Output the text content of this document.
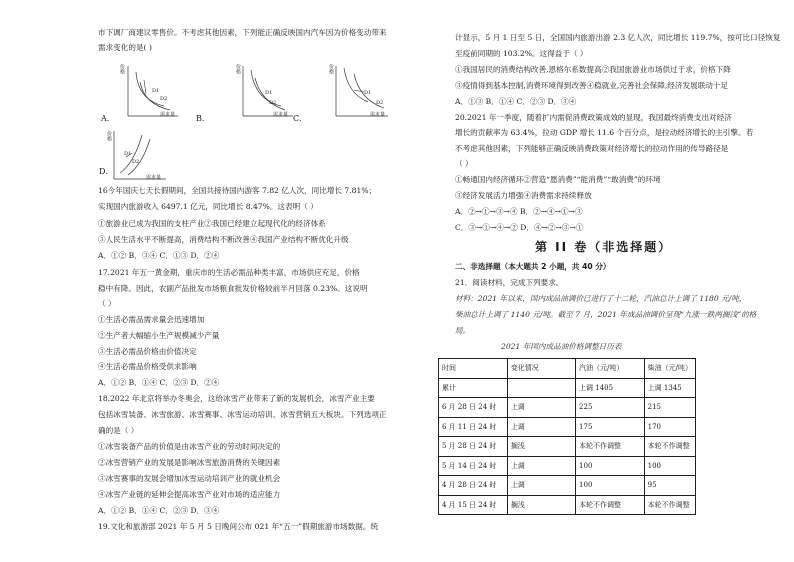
市下调厂商建议零售价。不考虑其他因素，下列能正确反映国内汽车因为价格变动带来
需求变化的是( )
价格
需求量
D1
D2
A．
价格
需求量
D1
D2
B．
价格
需求量
D1
D2
C．
价格
需求量
D1
D2
D．
16今年国庆七天长假期间，全国共接待国内游客 7.82 亿人次，同比增长 7.81%；
实现国内旅游收入 6497.1 亿元，同比增长 8.47%。这表明（ ）
①旅游业已成为我国的支柱产业②我国已经建立起现代化的经济体系
③人民生活水平不断提高，消费结构不断改善④我国产业结构不断优化升级
A．①② B．③④ C．①③ D．②④
17.2021 年五一黄金期，重庆市的生活必需品种类丰富，市场供应充足，价格
稳中有降。因此，农副产品批发市场粮食批发价格较前半月回落 0.23%。这说明
（ ）
①生活必需品需求量会迅速增加
②生产者大幅缩小生产规模减少产量
③生活必需品价格由价值决定
④生活必需品价格受供求影响
A．①② B．①④ C．②③ D．②④
18.2022 年北京将举办冬奥会，这给冰雪产业带来了新的发展机会，冰雪产业主要
包括冰雪装备、冰雪旅游、冰雪赛事、冰雪运动培训、冰雪营销五大板块。下列选项正
确的是（ ）
①冰雪装备产品的价值是由冰雪产业的劳动时间决定的
②冰雪营销产业的发展是影响冰雪旅游消费的关键因素
③冰雪赛事的发展会增加冰雪运动培训产业的就业机会
④冰雪产业链的延伸会提高冰雪产业对市场的适应能力
A．①② B．①④ C．②③ D．③④
19.文化和旅游部 2021 年 5 月 5 日晚间公布 021 年“五一”假期旅游市场数据。统
计显示，5 月 1 日至 5 日，全国国内旅游出游 2.3 亿人次，同比增长 119.7%，按可比口径恢复
至疫前同期的 103.2%。这得益于（ ）
①我国居民的消费结构改善,恩格尔系数提高②我国旅游业市场供过于求，价格下降
③疫情得到基本控制,消费环境得到改善④稳就业,完善社会保障,经济发展联动十足
A．①③ B．①④ C．②③ D．③④
20.2021 年一季度，随着扩内需促消费政策成效的显现，我国最终消费支出对经济
增长的贡献率为 63.4%，拉动 GDP 增长 11.6 个百分点，是拉动经济增长的主引擎。若
不考虑其他因素，下列能够正确反映消费政策对经济增长的拉动作用的传导路径是
（ ）
①畅通国内经济循环②营造“愿消费”“能消费”“敢消费”的环境
③经济发展活力增强④消费需求持续释放
A．②→①→③→④ B．②→④→①→③
C．③→①→④→② D．④→②→③→①
第 II 卷（非选择题）
二、非选择题（本大题共 2 小题，共 40 分）
21．阅读材料，完成下列要求。
材料：2021 年以来，国内成品油调价已进行了十二轮，汽油总计上调了 1180 元/吨，
柴油总计上调了 1140 元/吨。截至 7 月，2021 年成品油调价呈现“九涨一跌两搁浅”的格
局。
2021 年国内成品油价格调整日历表
时间	变化情况	汽油（元/吨）	柴油（元/吨）
累计		上调 1405	上调 1345
6 月 28 日 24 时	上调	225	215
6 月 11 日 24 时	上调	175	170
5 月 28 日 24 时	搁浅	本轮不作调整	本轮不作调整
5 月 14 日 24 时	上调	100	100
4 月 28 日 24 时	上调	100	95
4 月 15 日 24 时	搁浅	本轮不作调整	本轮不作调整
